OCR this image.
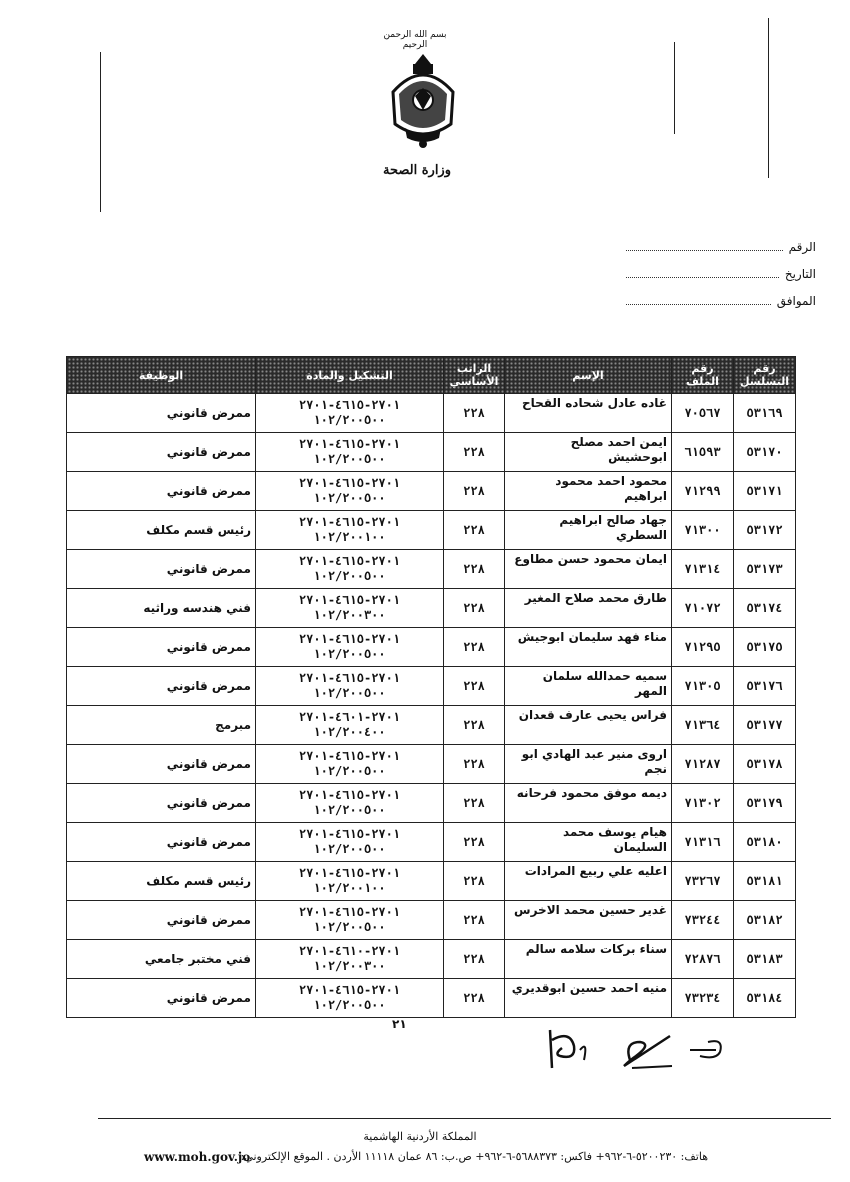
بسم الله الرحمن الرحيم
وزارة الصحة
الرقم
التاريخ
الموافق
رقم التسلسل	رقم الملف	الإسم	الراتب الأساسي	التشكيل والمادة	الوظيفة
٥٣١٦٩	٧٠٥٦٧	غاده عادل شحاده القحاح	٢٢٨	٢٧٠١-٤٦١٥-٢٧٠١ ١٠٢/٢٠٠٥٠٠	ممرض قانوني
٥٣١٧٠	٦١٥٩٣	ايمن احمد مصلح ابوحشيش	٢٢٨	٢٧٠١-٤٦١٥-٢٧٠١ ١٠٢/٢٠٠٥٠٠	ممرض قانوني
٥٣١٧١	٧١٢٩٩	محمود احمد محمود ابراهيم	٢٢٨	٢٧٠١-٤٦١٥-٢٧٠١ ١٠٢/٢٠٠٥٠٠	ممرض قانوني
٥٣١٧٢	٧١٣٠٠	جهاد صالح ابراهيم السطري	٢٢٨	٢٧٠١-٤٦١٥-٢٧٠١ ١٠٢/٢٠٠١٠٠	رئيس قسم مكلف
٥٣١٧٣	٧١٣١٤	ايمان محمود حسن مطاوع	٢٢٨	٢٧٠١-٤٦١٥-٢٧٠١ ١٠٢/٢٠٠٥٠٠	ممرض قانوني
٥٣١٧٤	٧١٠٧٢	طارق محمد صلاح المغير	٢٢٨	٢٧٠١-٤٦١٥-٢٧٠١ ١٠٢/٢٠٠٣٠٠	فني هندسه وراثيه
٥٣١٧٥	٧١٢٩٥	مناء فهد سليمان ابوجيش	٢٢٨	٢٧٠١-٤٦١٥-٢٧٠١ ١٠٢/٢٠٠٥٠٠	ممرض قانوني
٥٣١٧٦	٧١٣٠٥	سميه حمدالله سلمان المهر	٢٢٨	٢٧٠١-٤٦١٥-٢٧٠١ ١٠٢/٢٠٠٥٠٠	ممرض قانوني
٥٣١٧٧	٧١٣٦٤	فراس يحيى عارف قعدان	٢٢٨	٢٧٠١-٤٦٠١-٢٧٠١ ١٠٢/٢٠٠٤٠٠	مبرمج
٥٣١٧٨	٧١٢٨٧	اروى منير عبد الهادي ابو نجم	٢٢٨	٢٧٠١-٤٦١٥-٢٧٠١ ١٠٢/٢٠٠٥٠٠	ممرض قانوني
٥٣١٧٩	٧١٣٠٢	ديمه موفق محمود فرحانه	٢٢٨	٢٧٠١-٤٦١٥-٢٧٠١ ١٠٢/٢٠٠٥٠٠	ممرض قانوني
٥٣١٨٠	٧١٣١٦	هيام يوسف محمد السليمان	٢٢٨	٢٧٠١-٤٦١٥-٢٧٠١ ١٠٢/٢٠٠٥٠٠	ممرض قانوني
٥٣١٨١	٧٣٢٦٧	اعليه علي ربيع المرادات	٢٢٨	٢٧٠١-٤٦١٥-٢٧٠١ ١٠٢/٢٠٠١٠٠	رئيس قسم مكلف
٥٣١٨٢	٧٣٢٤٤	غدير حسين محمد الاخرس	٢٢٨	٢٧٠١-٤٦١٥-٢٧٠١ ١٠٢/٢٠٠٥٠٠	ممرض قانوني
٥٣١٨٣	٧٢٨٧٦	سناء بركات سلامه سالم	٢٢٨	٢٧٠١-٤٦١٠-٢٧٠١ ١٠٢/٢٠٠٣٠٠	فني مختبر جامعي
٥٣١٨٤	٧٣٢٣٤	منيه احمد حسين ابوقديري	٢٢٨	٢٧٠١-٤٦١٥-٢٧٠١ ١٠٢/٢٠٠٥٠٠	ممرض قانوني
٢١
المملكة الأردنية الهاشمية
هاتف: ٥٢٠٠٢٣٠-٦-٩٦٢+ فاكس: ٥٦٨٨٣٧٣-٦-٩٦٢+ ص.ب: ٨٦ عمان ١١١١٨ الأردن . الموقع الإلكتروني:
www.moh.gov.jo
